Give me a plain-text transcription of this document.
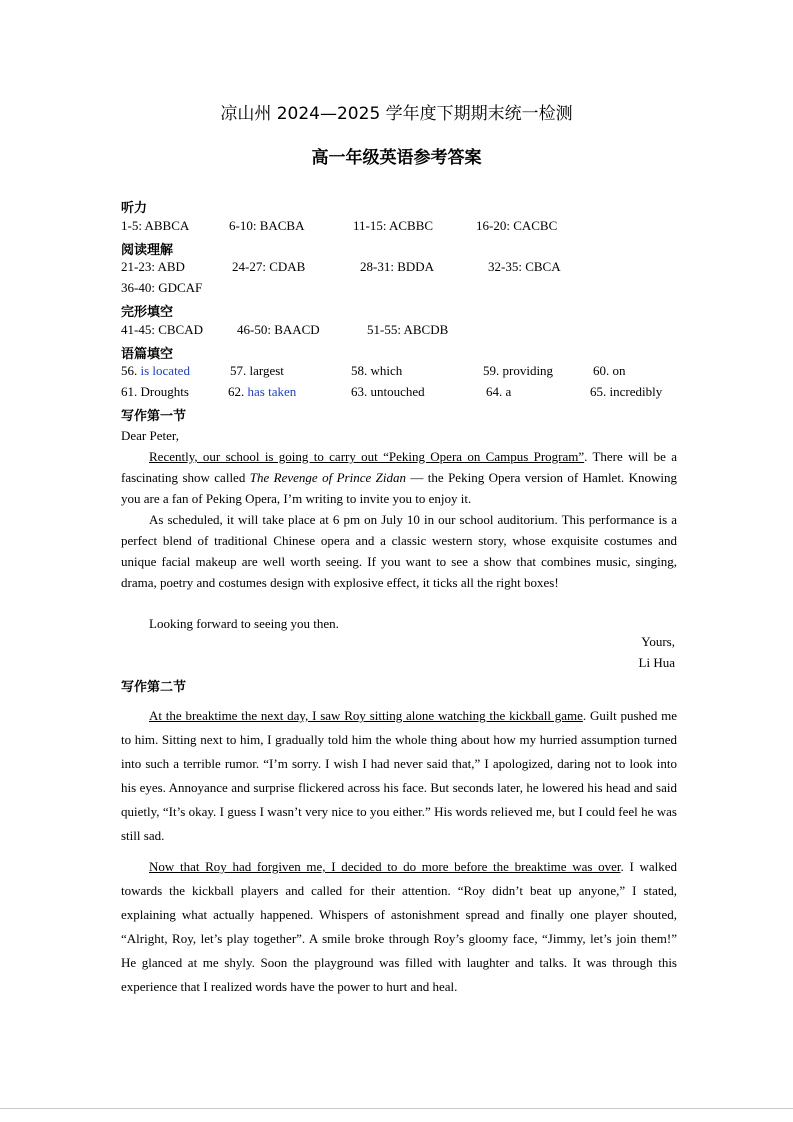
凉山州 2024—2025 学年度下期期末统一检测
高一年级英语参考答案
听力
1-5: ABBCA	6-10: BACBA	11-15: ACBBC	16-20: CACBC
阅读理解
21-23: ABD	24-27: CDAB	28-31: BDDA	32-35: CBCA
36-40: GDCAF
完形填空
41-45: CBCAD	46-50: BAACD	51-55: ABCDB
语篇填空
56. is located	57. largest	58. which	59. providing	60. on
61. Droughts	62. has taken	63. untouched	64. a	65. incredibly
写作第一节
Dear Peter,
Recently, our school is going to carry out “Peking Opera on Campus Program”. There will be a fascinating show called The Revenge of Prince Zidan — the Peking Opera version of Hamlet. Knowing you are a fan of Peking Opera, I’m writing to invite you to enjoy it.
As scheduled, it will take place at 6 pm on July 10 in our school auditorium. This performance is a perfect blend of traditional Chinese opera and a classic western story, whose exquisite costumes and unique facial makeup are well worth seeing. If you want to see a show that combines music, singing, drama, poetry and costumes design with explosive effect, it ticks all the right boxes!
Looking forward to seeing you then.
Yours,
Li Hua
写作第二节
At the breaktime the next day, I saw Roy sitting alone watching the kickball game. Guilt pushed me to him. Sitting next to him, I gradually told him the whole thing about how my hurried assumption turned into such a terrible rumor. “I’m sorry. I wish I had never said that,” I apologized, daring not to look into his eyes. Annoyance and surprise flickered across his face. But seconds later, he lowered his head and said quietly, “It’s okay. I guess I wasn’t very nice to you either.” His words relieved me, but I could feel he was still sad.
Now that Roy had forgiven me, I decided to do more before the breaktime was over. I walked towards the kickball players and called for their attention. “Roy didn’t beat up anyone,” I stated, explaining what actually happened. Whispers of astonishment spread and finally one player shouted, “Alright, Roy, let’s play together”. A smile broke through Roy’s gloomy face, “Jimmy, let’s join them!” He glanced at me shyly. Soon the playground was filled with laughter and talks. It was through this experience that I realized words have the power to hurt and heal.
